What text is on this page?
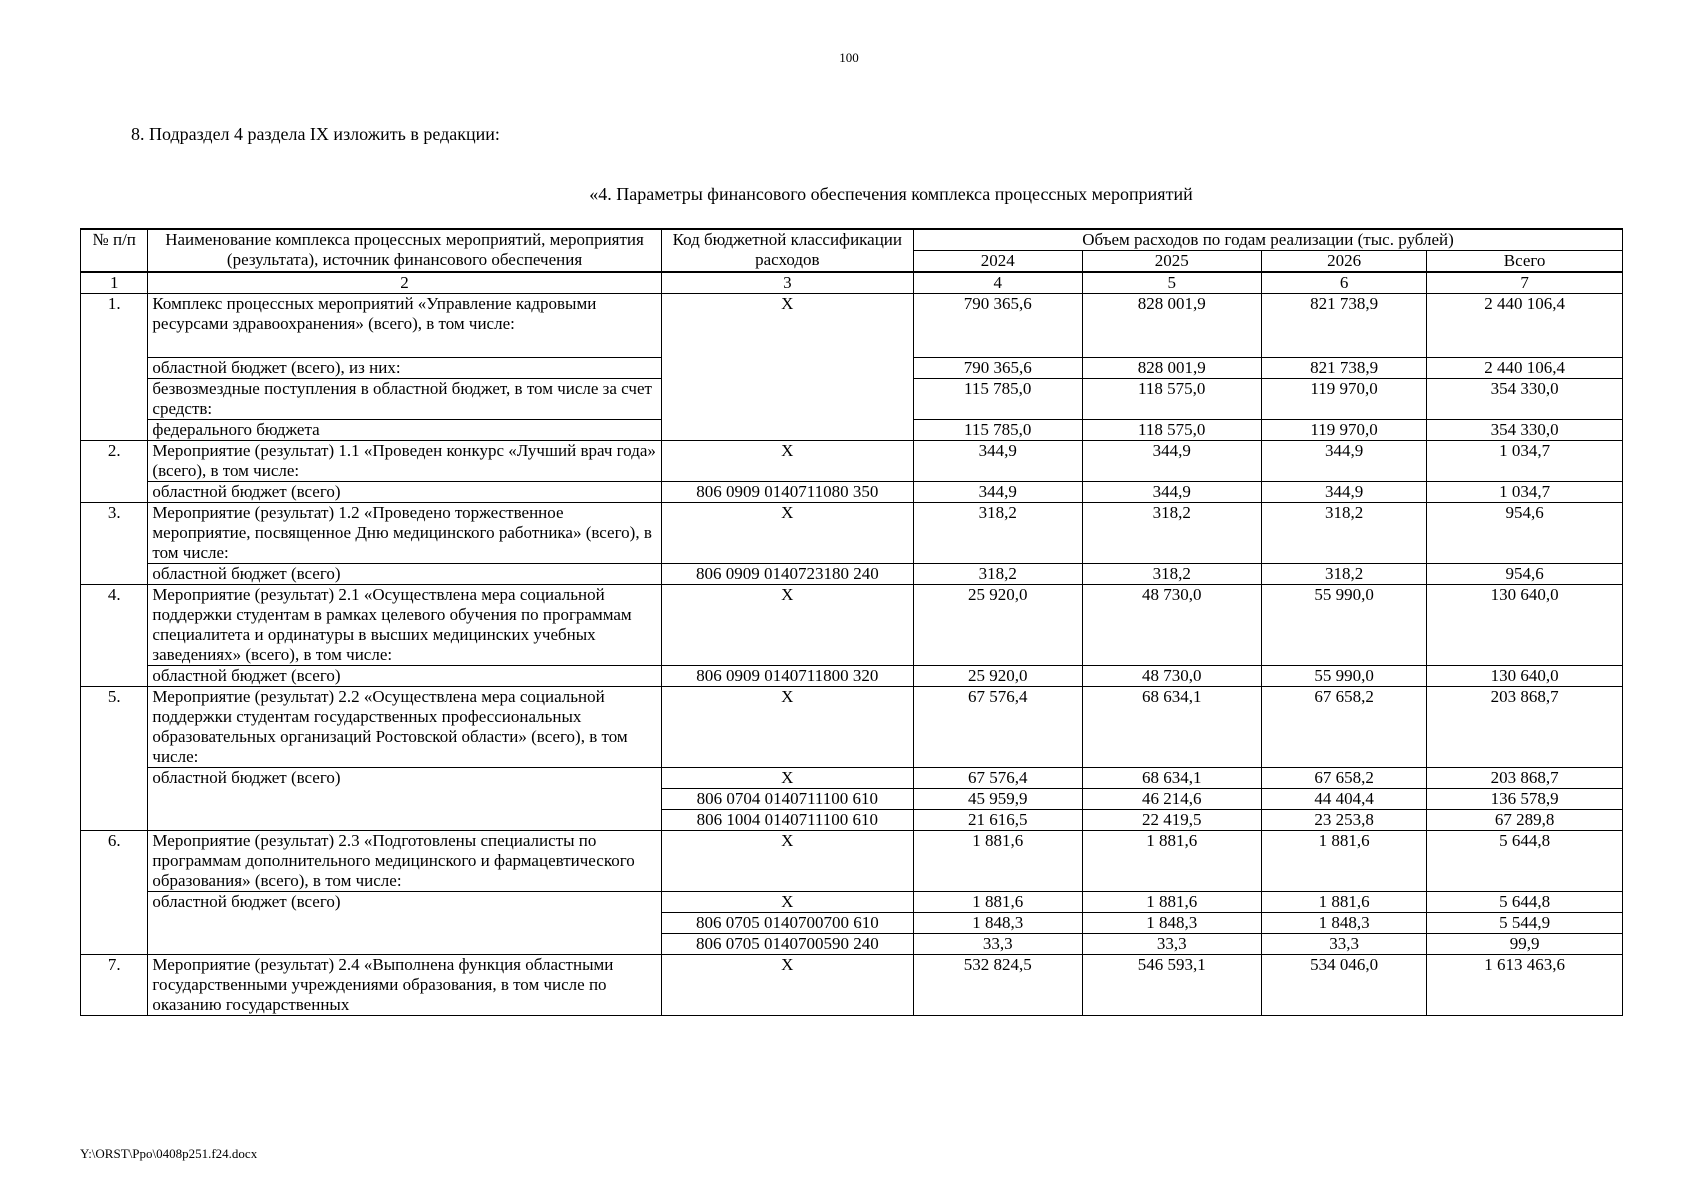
100
8. Подраздел 4 раздела IX изложить в редакции:
«4. Параметры финансового обеспечения комплекса процессных мероприятий
№ п/п	Наименование комплекса процессных мероприятий, мероприятия (результата), источник финансового обеспечения	Код бюджетной классификации расходов	Объем расходов по годам реализации (тыс. рублей)			
			2024	2025	2026	Всего
1	2	3	4	5	6	7
1.	Комплекс процессных мероприятий «Управление кадровыми ресурсами здравоохранения» (всего), в том числе:	X	790 365,6	828 001,9	821 738,9	2 440 106,4
	областной бюджет (всего), из них:		790 365,6	828 001,9	821 738,9	2 440 106,4
	безвозмездные поступления в областной бюджет, в том числе за счет средств:		115 785,0	118 575,0	119 970,0	354 330,0
	федерального бюджета		115 785,0	118 575,0	119 970,0	354 330,0
2.	Мероприятие (результат) 1.1 «Проведен конкурс «Лучший врач года» (всего), в том числе:	X	344,9	344,9	344,9	1 034,7
	областной бюджет (всего)	806 0909 0140711080 350	344,9	344,9	344,9	1 034,7
3.	Мероприятие (результат) 1.2 «Проведено торжественное мероприятие, посвященное Дню медицинского работника» (всего), в том числе:	X	318,2	318,2	318,2	954,6
	областной бюджет (всего)	806 0909 0140723180 240	318,2	318,2	318,2	954,6
4.	Мероприятие (результат) 2.1 «Осуществлена мера социальной поддержки студентам в рамках целевого обучения по программам специалитета и ординатуры в высших медицинских учебных заведениях» (всего), в том числе:	X	25 920,0	48 730,0	55 990,0	130 640,0
	областной бюджет (всего)	806 0909 0140711800 320	25 920,0	48 730,0	55 990,0	130 640,0
5.	Мероприятие (результат) 2.2 «Осуществлена мера социальной поддержки студентам государственных профессиональных образовательных организаций Ростовской области» (всего), в том числе:	X	67 576,4	68 634,1	67 658,2	203 868,7
	областной бюджет (всего)	X	67 576,4	68 634,1	67 658,2	203 868,7
		806 0704 0140711100 610	45 959,9	46 214,6	44 404,4	136 578,9
		806 1004 0140711100 610	21 616,5	22 419,5	23 253,8	67 289,8
6.	Мероприятие (результат) 2.3 «Подготовлены специалисты по программам дополнительного медицинского и фармацевтического образования» (всего), в том числе:	X	1 881,6	1 881,6	1 881,6	5 644,8
	областной бюджет (всего)	X	1 881,6	1 881,6	1 881,6	5 644,8
		806 0705 0140700700 610	1 848,3	1 848,3	1 848,3	5 544,9
		806 0705 0140700590 240	33,3	33,3	33,3	99,9
7.	Мероприятие (результат) 2.4 «Выполнена функция областными государственными учреждениями образования, в том числе по оказанию государственных	X	532 824,5	546 593,1	534 046,0	1 613 463,6
Y:\ORST\Ppo\0408p251.f24.docx
